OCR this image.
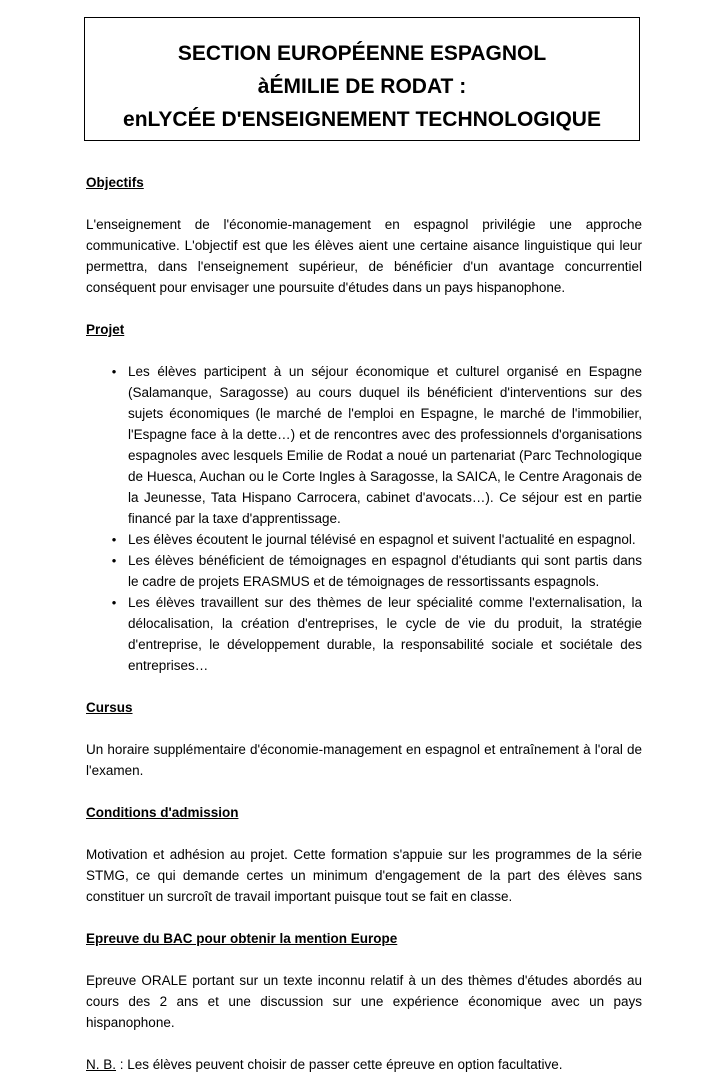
SECTION EUROPÉENNE ESPAGNOL
àÉMILIE DE RODAT :
enLYCÉE D'ENSEIGNEMENT TECHNOLOGIQUE

Objectifs

L'enseignement de l'économie-management en espagnol privilégie une approche communicative. L'objectif est que les élèves aient une certaine aisance linguistique qui leur permettra, dans l'enseignement supérieur, de bénéficier d'un avantage concurrentiel conséquent pour envisager une poursuite d'études dans un pays hispanophone.

Projet

• Les élèves participent à un séjour économique et culturel organisé en Espagne (Salamanque, Saragosse) au cours duquel ils bénéficient d'interventions sur des sujets économiques (le marché de l'emploi en Espagne, le marché de l'immobilier, l'Espagne face à la dette…) et de rencontres avec des professionnels d'organisations espagnoles avec lesquels Emilie de Rodat a noué un partenariat (Parc Technologique de Huesca, Auchan ou le Corte Ingles à Saragosse, la SAICA, le Centre Aragonais de la Jeunesse, Tata Hispano Carrocera, cabinet d'avocats…). Ce séjour est en partie financé par la taxe d'apprentissage.
• Les élèves écoutent le journal télévisé en espagnol et suivent l'actualité en espagnol.
• Les élèves bénéficient de témoignages en espagnol d'étudiants qui sont partis dans le cadre de projets ERASMUS et de témoignages de ressortissants espagnols.
• Les élèves travaillent sur des thèmes de leur spécialité comme l'externalisation, la délocalisation, la création d'entreprises, le cycle de vie du produit, la stratégie d'entreprise, le développement durable, la responsabilité sociale et sociétale des entreprises…

Cursus

Un horaire supplémentaire d'économie-management en espagnol et entraînement à l'oral de l'examen.

Conditions d'admission

Motivation et adhésion au projet. Cette formation s'appuie sur les programmes de la série STMG, ce qui demande certes un minimum d'engagement de la part des élèves sans constituer un surcroît de travail important puisque tout se fait en classe.

Epreuve du BAC pour obtenir la mention Europe

Epreuve ORALE portant sur un texte inconnu relatif à un des thèmes d'études abordés au cours des 2 ans et une discussion sur une expérience économique avec un pays hispanophone.

N. B. : Les élèves peuvent choisir de passer cette épreuve en option facultative.
